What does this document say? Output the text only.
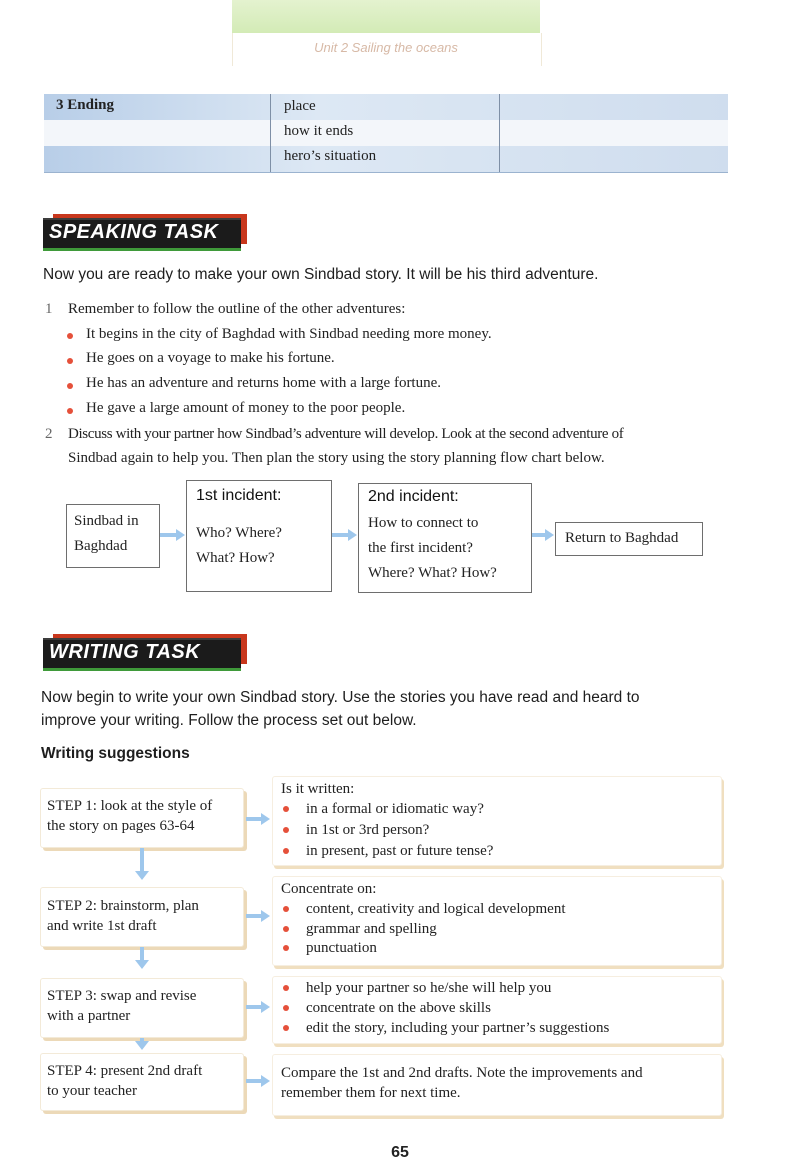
Unit 2 Sailing the oceans
3 Ending	place
how it ends
hero’s situation
SPEAKING TASK
Now you are ready to make your own Sindbad story. It will be his third adventure.
1 Remember to follow the outline of the other adventures:
It begins in the city of Baghdad with Sindbad needing more money.
He goes on a voyage to make his fortune.
He has an adventure and returns home with a large fortune.
He gave a large amount of money to the poor people.
2 Discuss with your partner how Sindbad’s adventure will develop. Look at the second adventure of
Sindbad again to help you. Then plan the story using the story planning flow chart below.
Sindbad in
Baghdad
1st incident:
Who? Where?
What? How?
2nd incident:
How to connect to
the first incident?
Where? What? How?
Return to Baghdad
WRITING TASK
Now begin to write your own Sindbad story. Use the stories you have read and heard to
improve your writing. Follow the process set out below.
Writing suggestions
STEP 1: look at the style of
the story on pages 63-64
STEP 2: brainstorm, plan
and write 1st draft
STEP 3: swap and revise
with a partner
STEP 4: present 2nd draft
to your teacher
Is it written:
in a formal or idiomatic way?
in 1st or 3rd person?
in present, past or future tense?
Concentrate on:
content, creativity and logical development
grammar and spelling
punctuation
help your partner so he/she will help you
concentrate on the above skills
edit the story, including your partner’s suggestions
Compare the 1st and 2nd drafts. Note the improvements and
remember them for next time.
65
